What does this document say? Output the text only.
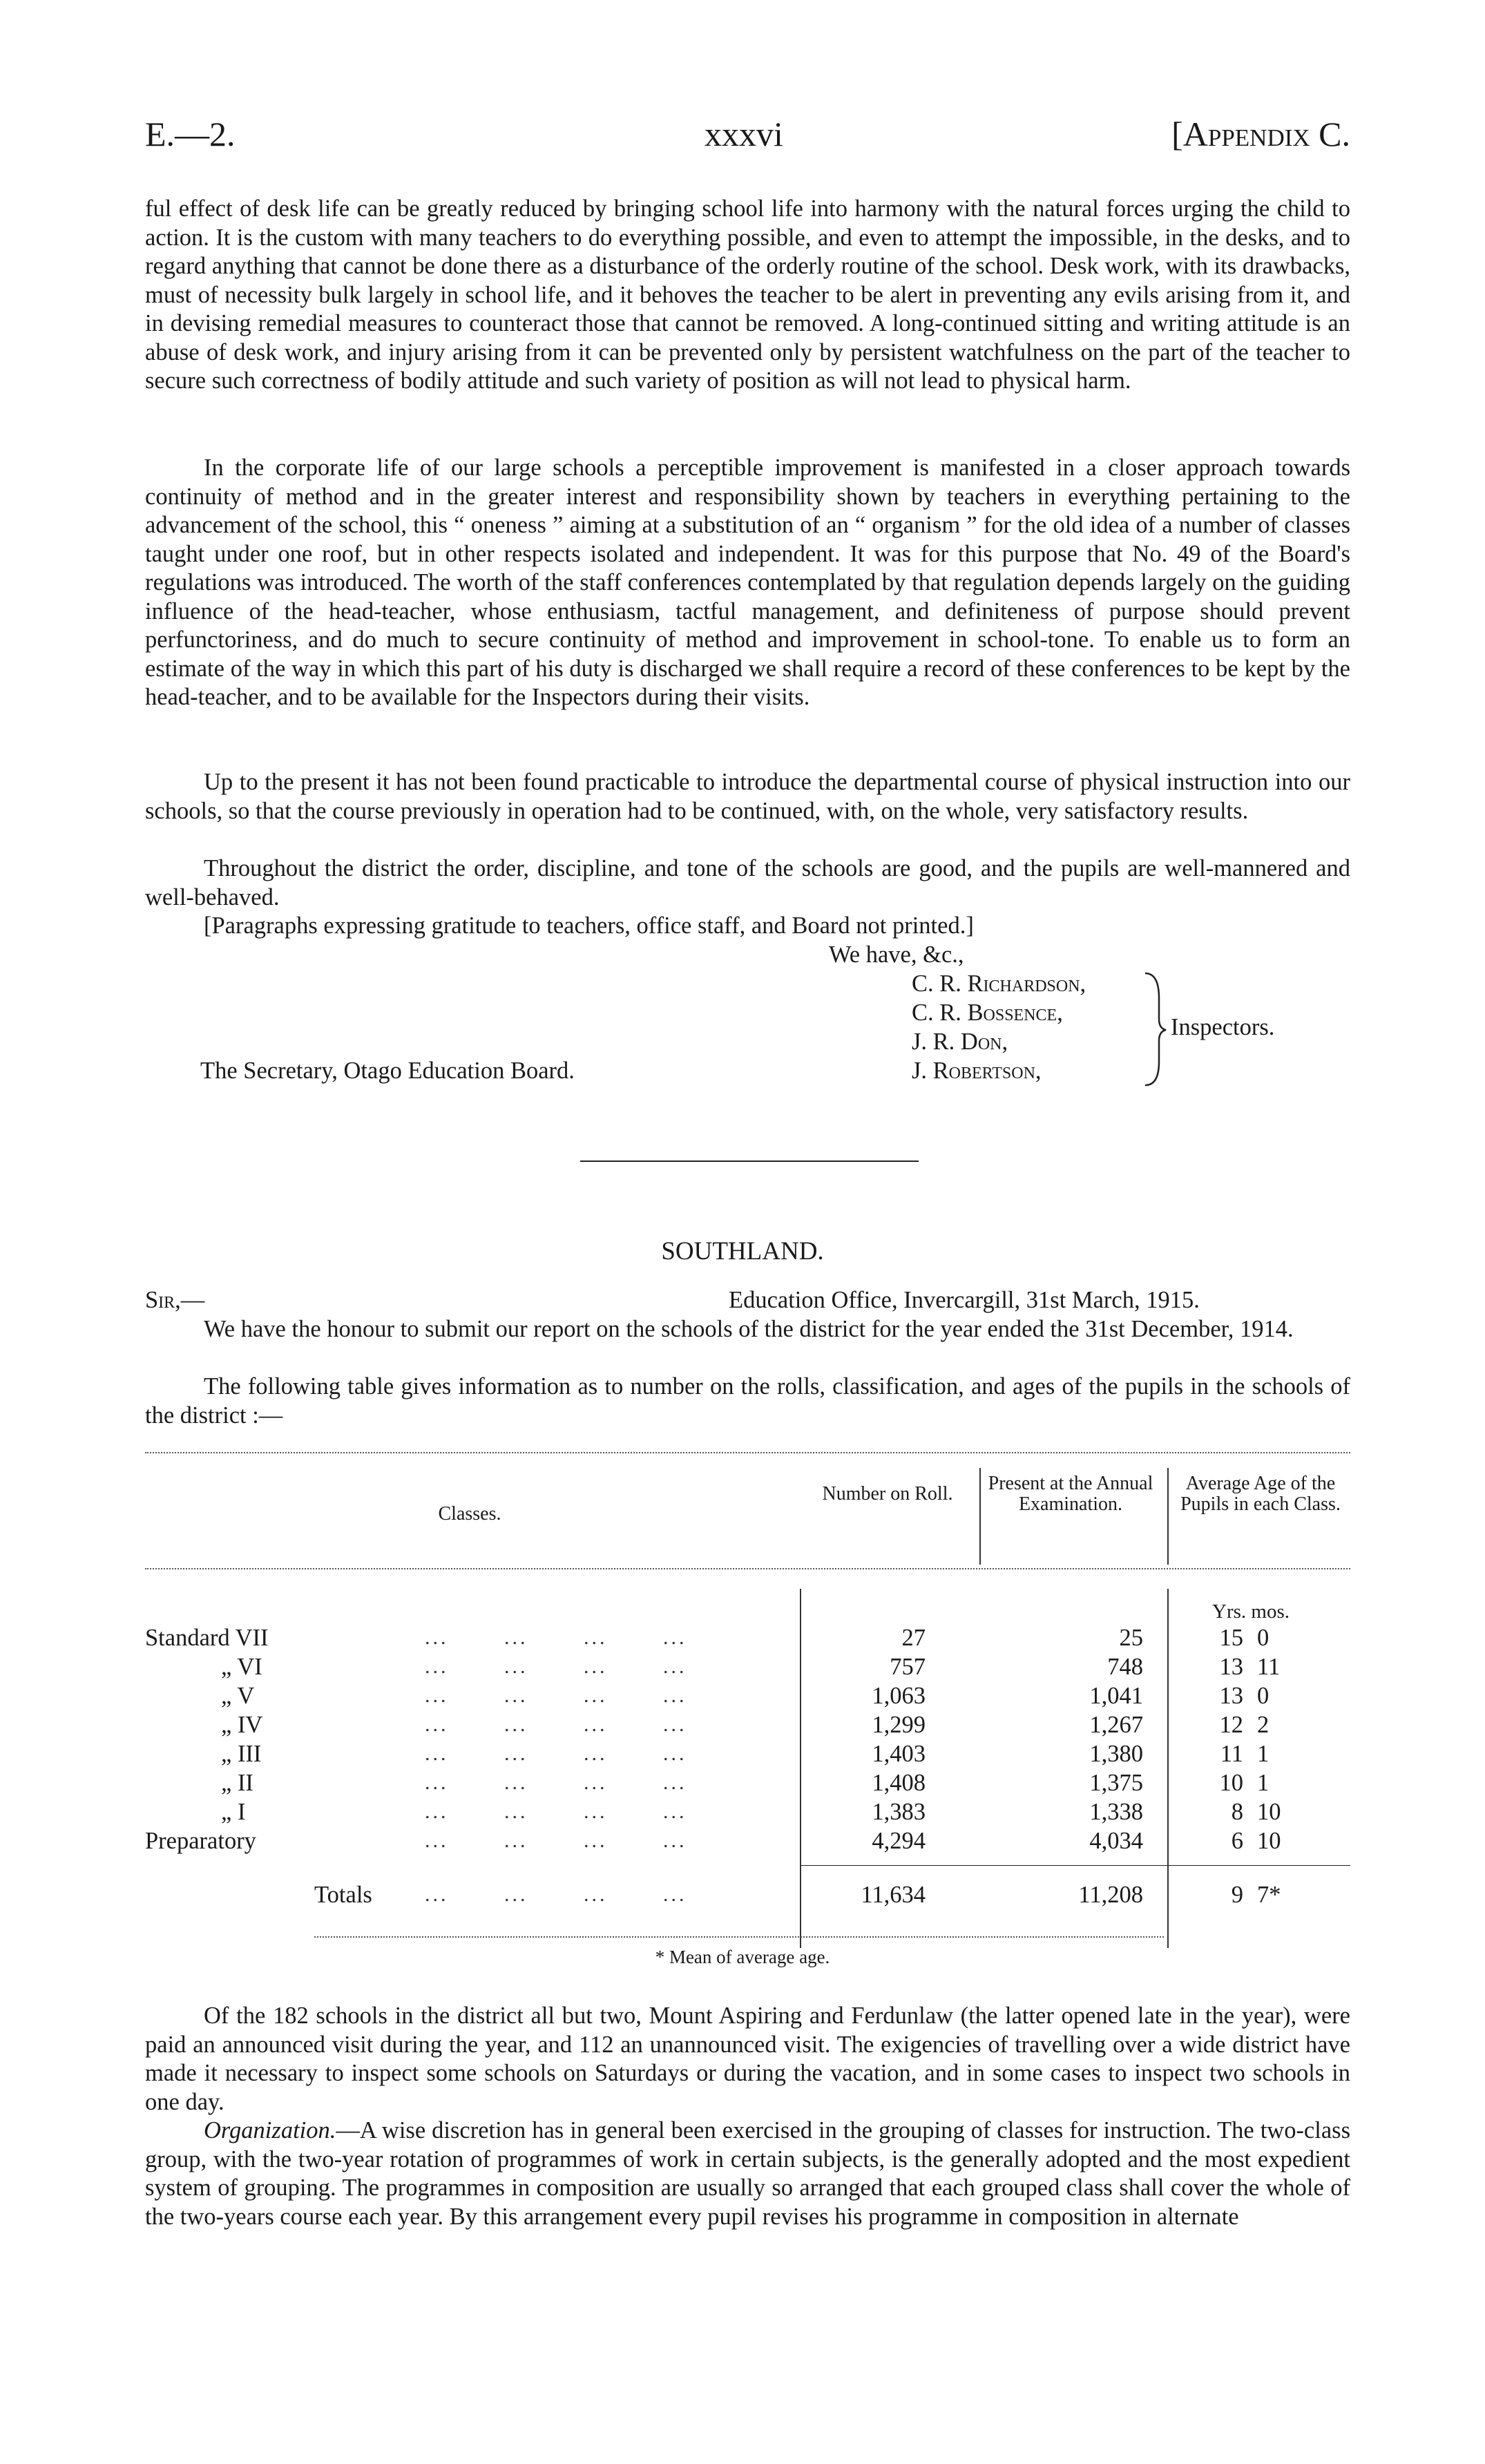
E.—2.	xxxvi	[Appendix C.

ful effect of desk life can be greatly reduced by bringing school life into harmony with the natural forces urging the child to action. It is the custom with many teachers to do everything possible, and even to attempt the impossible, in the desks, and to regard anything that cannot be done there as a disturbance of the orderly routine of the school. Desk work, with its drawbacks, must of necessity bulk largely in school life, and it behoves the teacher to be alert in preventing any evils arising from it, and in devising remedial measures to counteract those that cannot be removed. A long-continued sitting and writing attitude is an abuse of desk work, and injury arising from it can be prevented only by persistent watchfulness on the part of the teacher to secure such correctness of bodily attitude and such variety of position as will not lead to physical harm.

In the corporate life of our large schools a perceptible improvement is manifested in a closer approach towards continuity of method and in the greater interest and responsibility shown by teachers in everything pertaining to the advancement of the school, this “ oneness ” aiming at a substitution of an “ organism ” for the old idea of a number of classes taught under one roof, but in other respects isolated and independent. It was for this purpose that No. 49 of the Board's regulations was introduced. The worth of the staff conferences contemplated by that regulation depends largely on the guiding influence of the head-teacher, whose enthusiasm, tactful management, and definiteness of purpose should prevent perfunctoriness, and do much to secure continuity of method and improvement in school-tone. To enable us to form an estimate of the way in which this part of his duty is discharged we shall require a record of these conferences to be kept by the head-teacher, and to be available for the Inspectors during their visits.

Up to the present it has not been found practicable to introduce the departmental course of physical instruction into our schools, so that the course previously in operation had to be continued, with, on the whole, very satisfactory results.

Throughout the district the order, discipline, and tone of the schools are good, and the pupils are well-mannered and well-behaved.

[Paragraphs expressing gratitude to teachers, office staff, and Board not printed.]

We have, &c.,
C. R. Richardson,
C. R. Bossence,
J. R. Don,
J. Robertson,
Inspectors.
The Secretary, Otago Education Board.
SOUTHLAND.
Sir,—	Education Office, Invercargill, 31st March, 1915.

We have the honour to submit our report on the schools of the district for the year ended the 31st December, 1914.

The following table gives information as to number on the rolls, classification, and ages of the pupils in the schools of the district :—

Classes.
Number on Roll.	Present at the Annual Examination.
Average Age of the Pupils in each Class.
Yrs. mos.
Standard VII	...       ...       ...       ...	27	25	15 0
„ VI	...       ...       ...       ...	757	748	13 11
„ V	...       ...       ...       ...	1,063	1,041	13 0
„ IV	...       ...       ...       ...	1,299	1,267	12 2
„ III	...       ...       ...       ...	1,403	1,380	11 1
„ II	...       ...       ...       ...	1,408	1,375	10 1
„ I	...       ...       ...       ...	1,383	1,338	8 10
Preparatory	...       ...       ...       ...	4,294	4,034	6 10
Totals	...       ...       ...       ...	11,634	11,208	9 7*
* Mean of average age.

Of the 182 schools in the district all but two, Mount Aspiring and Ferdunlaw (the latter opened late in the year), were paid an announced visit during the year, and 112 an unannounced visit. The exigencies of travelling over a wide district have made it necessary to inspect some schools on Saturdays or during the vacation, and in some cases to inspect two schools in one day.

Organization.—A wise discretion has in general been exercised in the grouping of classes for instruction. The two-class group, with the two-year rotation of programmes of work in certain subjects, is the generally adopted and the most expedient system of grouping. The programmes in composition are usually so arranged that each grouped class shall cover the whole of the two-years course each year. By this arrangement every pupil revises his programme in composition in alternate
